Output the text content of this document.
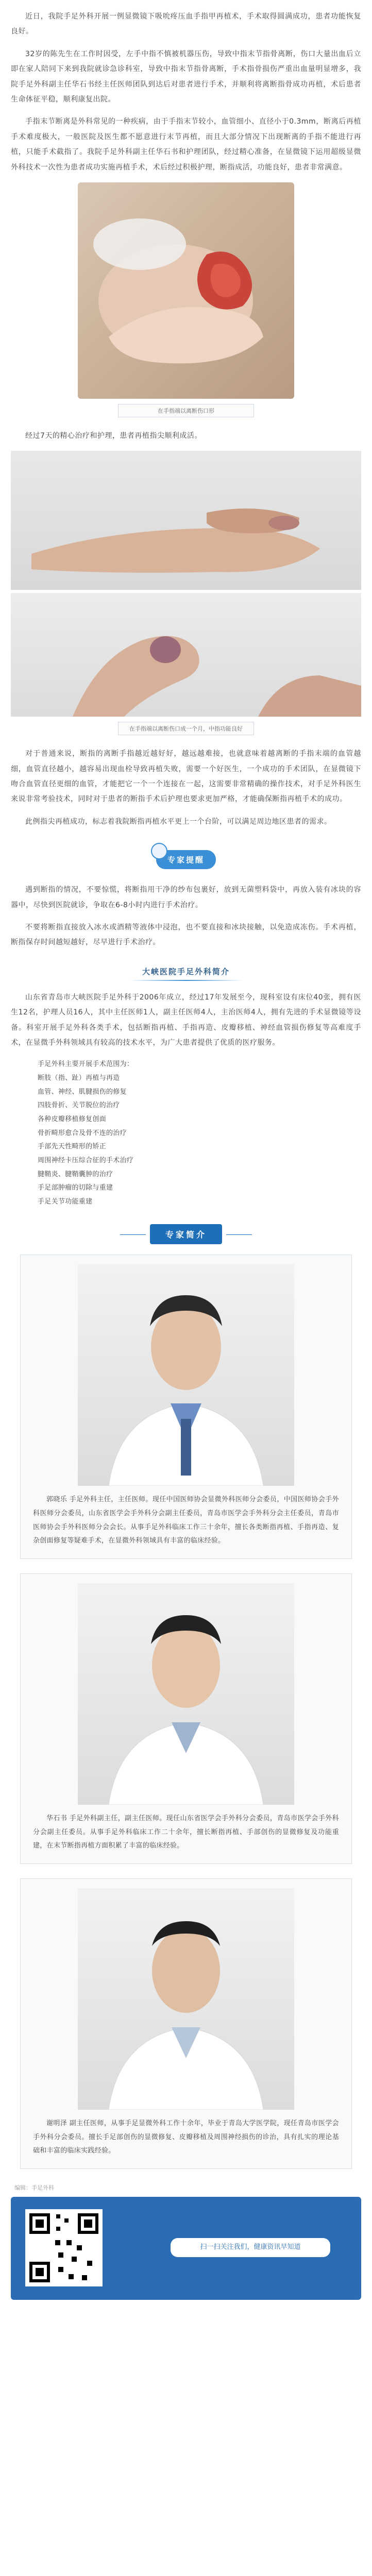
近日，我院手足外科开展一例显微镜下吸吮疼压血手指甲再植术，手术取得圆满成功，患者功能恢复良好。

32岁的陈先生在工作时因受，左手中指不慎被机器压伤，导致中指末节指骨离断，伤口大量出血后立即在家人陪同下来到我院就诊急诊科室，导致中指末节指骨离断，手术指骨损伤严重出血量明显增多，我院手足外科副主任华石书经主任医师团队到达后对患者进行手术，并顺利将离断指骨成功再植，术后患者生命体征平稳，顺利康复出院。

手指末节断离是外科常见的一种疾病，由于手指末节较小，血管细小、直径小于0.3mm，断离后再植手术难度极大，一般医院及医生都不愿意进行末节再植，而且大部分情况下出现断离的手指不能进行再植，只能手术截指了。我院手足外科副主任华石书和护理团队，经过精心准备，在显微镜下运用超级显微外科技术一次性为患者成功实施再植手术，术后经过积极护理，断指成活，功能良好，患者非常满意。

在手指端以离断伤口形

经过7天的精心治疗和护理，患者再植指尖顺利成活。

在手指端以离断伤口成一个月，中指功能良好

对于普通来说，断指的离断手指越近越好好，越远越难接，也就意味着越离断的手指末端的血管越细，血管直径越小，越容易出现血栓导致再植失败，需要一个好医生，一个成功的手术团队，在显微镜下吻合血管直径更细的血管，才能把它一个一个连接在一起，这需要非常精确的操作技术，对手足外科医生来说非常考验技术，同时对于患者的断指手术后护理也要求更加严格，才能确保断指再植手术的成功。

此例指尖再植成功，标志着我院断指再植水平更上一个台阶，可以满足周边地区患者的需求。

专家提醒

遇到断指的情况，不要惊慌，将断指用干净的纱布包裹好，放到无菌塑料袋中，再放入装有冰块的容器中，尽快到医院就诊，争取在6-8小时内进行手术治疗。

不要将断指直接放入冰水或酒精等液体中浸泡，也不要直接和冰块接触，以免造成冻伤。手术再植，断指保存时间越短越好，尽早进行手术治疗。

大峡医院手足外科简介

山东省青岛市大峡医院手足外科于2006年成立，经过17年发展至今，现科室设有床位40张，拥有医生12名，护理人员16人，其中主任医师1人，副主任医师4人，主治医师4人，拥有先进的手术显微镜等设备。科室开展手足外科各类手术，包括断指再植、手指再造、皮瓣移植、神经血管损伤修复等高难度手术，在显微手外科领域具有较高的技术水平，为广大患者提供了优质的医疗服务。

手足外科主要开展手术范围为：
断肢（指、趾）再植与再造
血管、神经、肌腱损伤的修复
四肢骨折、关节脱位的治疗
各种皮瓣移植修复创面
骨折畸形愈合及骨不连的治疗
手部先天性畸形的矫正
周围神经卡压综合征的手术治疗
腱鞘炎、腱鞘囊肿的治疗
手足部肿瘤的切除与重建
手足关节功能重建
专家简介
郭晓乐 手足外科主任，主任医师。现任中国医师协会显微外科医师分会委员，中国医师协会手外科医师分会委员，山东省医学会手外科分会副主任委员，青岛市医学会手外科分会主任委员，青岛市医师协会手外科医师分会会长。从事手足外科临床工作三十余年，擅长各类断指再植、手指再造、复杂创面修复等疑难手术，在显微外科领域具有丰富的临床经验。
华石书 手足外科副主任，副主任医师。现任山东省医学会手外科分会委员，青岛市医学会手外科分会副主任委员。从事手足外科临床工作二十余年，擅长断指再植、手部创伤的显微修复及功能重建，在末节断指再植方面积累了丰富的临床经验。
谢明泽 副主任医师，从事手足显微外科工作十余年，毕业于青岛大学医学院，现任青岛市医学会手外科分会委员。擅长手足部创伤的显微修复、皮瓣移植及周围神经损伤的诊治，具有扎实的理论基础和丰富的临床实践经验。
编辑：手足外科
扫一扫关注我们，健康资讯早知道
